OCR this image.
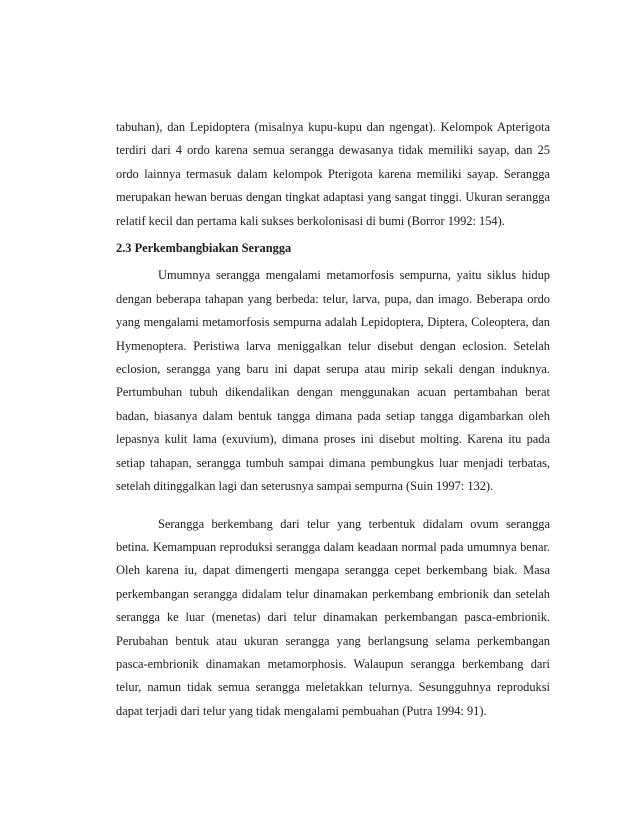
tabuhan), dan Lepidoptera (misalnya kupu-kupu dan ngengat). Kelompok Apterigota terdiri dari 4 ordo karena semua serangga dewasanya tidak memiliki sayap, dan 25 ordo lainnya termasuk dalam kelompok Pterigota karena memiliki sayap. Serangga merupakan hewan beruas dengan tingkat adaptasi yang sangat tinggi. Ukuran serangga relatif kecil dan pertama kali sukses berkolonisasi di bumi (Borror 1992: 154).

2.3 Perkembangbiakan Serangga

Umumnya serangga mengalami metamorfosis sempurna, yaitu siklus hidup dengan beberapa tahapan yang berbeda: telur, larva, pupa, dan imago. Beberapa ordo yang mengalami metamorfosis sempurna adalah Lepidoptera, Diptera, Coleoptera, dan Hymenoptera. Peristiwa larva meniggalkan telur disebut dengan eclosion. Setelah eclosion, serangga yang baru ini dapat serupa atau mirip sekali dengan induknya. Pertumbuhan tubuh dikendalikan dengan menggunakan acuan pertambahan berat badan, biasanya dalam bentuk tangga dimana pada setiap tangga digambarkan oleh lepasnya kulit lama (exuvium), dimana proses ini disebut molting. Karena itu pada setiap tahapan, serangga tumbuh sampai dimana pembungkus luar menjadi terbatas, setelah ditinggalkan lagi dan seterusnya sampai sempurna (Suin 1997: 132).

Serangga berkembang dari telur yang terbentuk didalam ovum serangga betina. Kemampuan reproduksi serangga dalam keadaan normal pada umumnya benar. Oleh karena iu, dapat dimengerti mengapa serangga cepet berkembang biak. Masa perkembangan serangga didalam telur dinamakan perkembang embrionik dan setelah serangga ke luar (menetas) dari telur dinamakan perkembangan pasca-embrionik. Perubahan bentuk atau ukuran serangga yang berlangsung selama perkembangan pasca-embrionik dinamakan metamorphosis. Walaupun serangga berkembang dari telur, namun tidak semua serangga meletakkan telurnya. Sesungguhnya reproduksi dapat terjadi dari telur yang tidak mengalami pembuahan (Putra 1994: 91).
